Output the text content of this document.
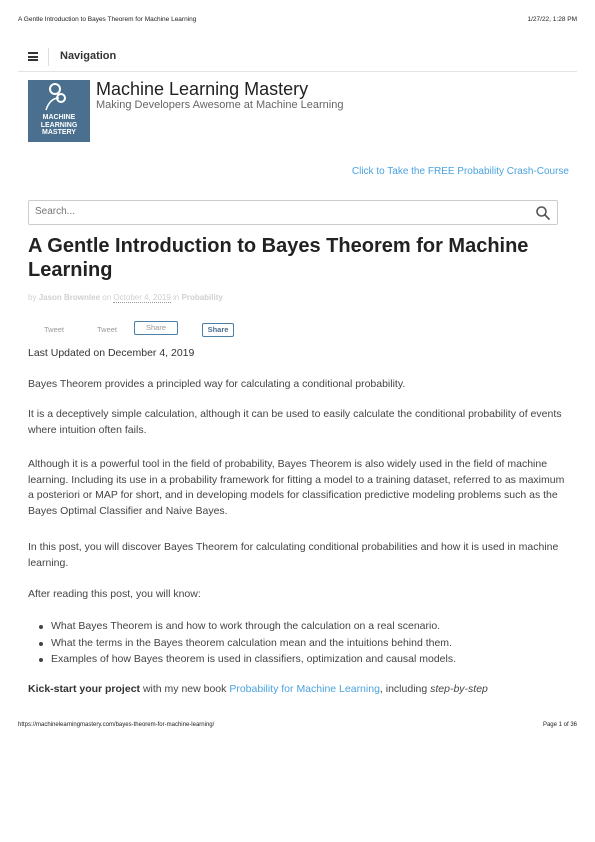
A Gentle Introduction to Bayes Theorem for Machine Learning	1/27/22, 1:28 PM
Navigation
MACHINE
LEARNING
MASTERY
Machine Learning Mastery
Making Developers Awesome at Machine Learning
Click to Take the FREE Probability Crash-Course
Search...
A Gentle Introduction to Bayes Theorem for Machine Learning
by Jason Brownlee on October 4, 2019 in Probability
Tweet	Tweet	Share	Share
Last Updated on December 4, 2019
Bayes Theorem provides a principled way for calculating a conditional probability.
It is a deceptively simple calculation, although it can be used to easily calculate the conditional probability of events where intuition often fails.
Although it is a powerful tool in the field of probability, Bayes Theorem is also widely used in the field of machine learning. Including its use in a probability framework for fitting a model to a training dataset, referred to as maximum a posteriori or MAP for short, and in developing models for classification predictive modeling problems such as the Bayes Optimal Classifier and Naive Bayes.
In this post, you will discover Bayes Theorem for calculating conditional probabilities and how it is used in machine learning.
After reading this post, you will know:
What Bayes Theorem is and how to work through the calculation on a real scenario.
What the terms in the Bayes theorem calculation mean and the intuitions behind them.
Examples of how Bayes theorem is used in classifiers, optimization and causal models.
Kick-start your project with my new book Probability for Machine Learning, including step-by-step
https://machinelearningmastery.com/bayes-theorem-for-machine-learning/	Page 1 of 36
